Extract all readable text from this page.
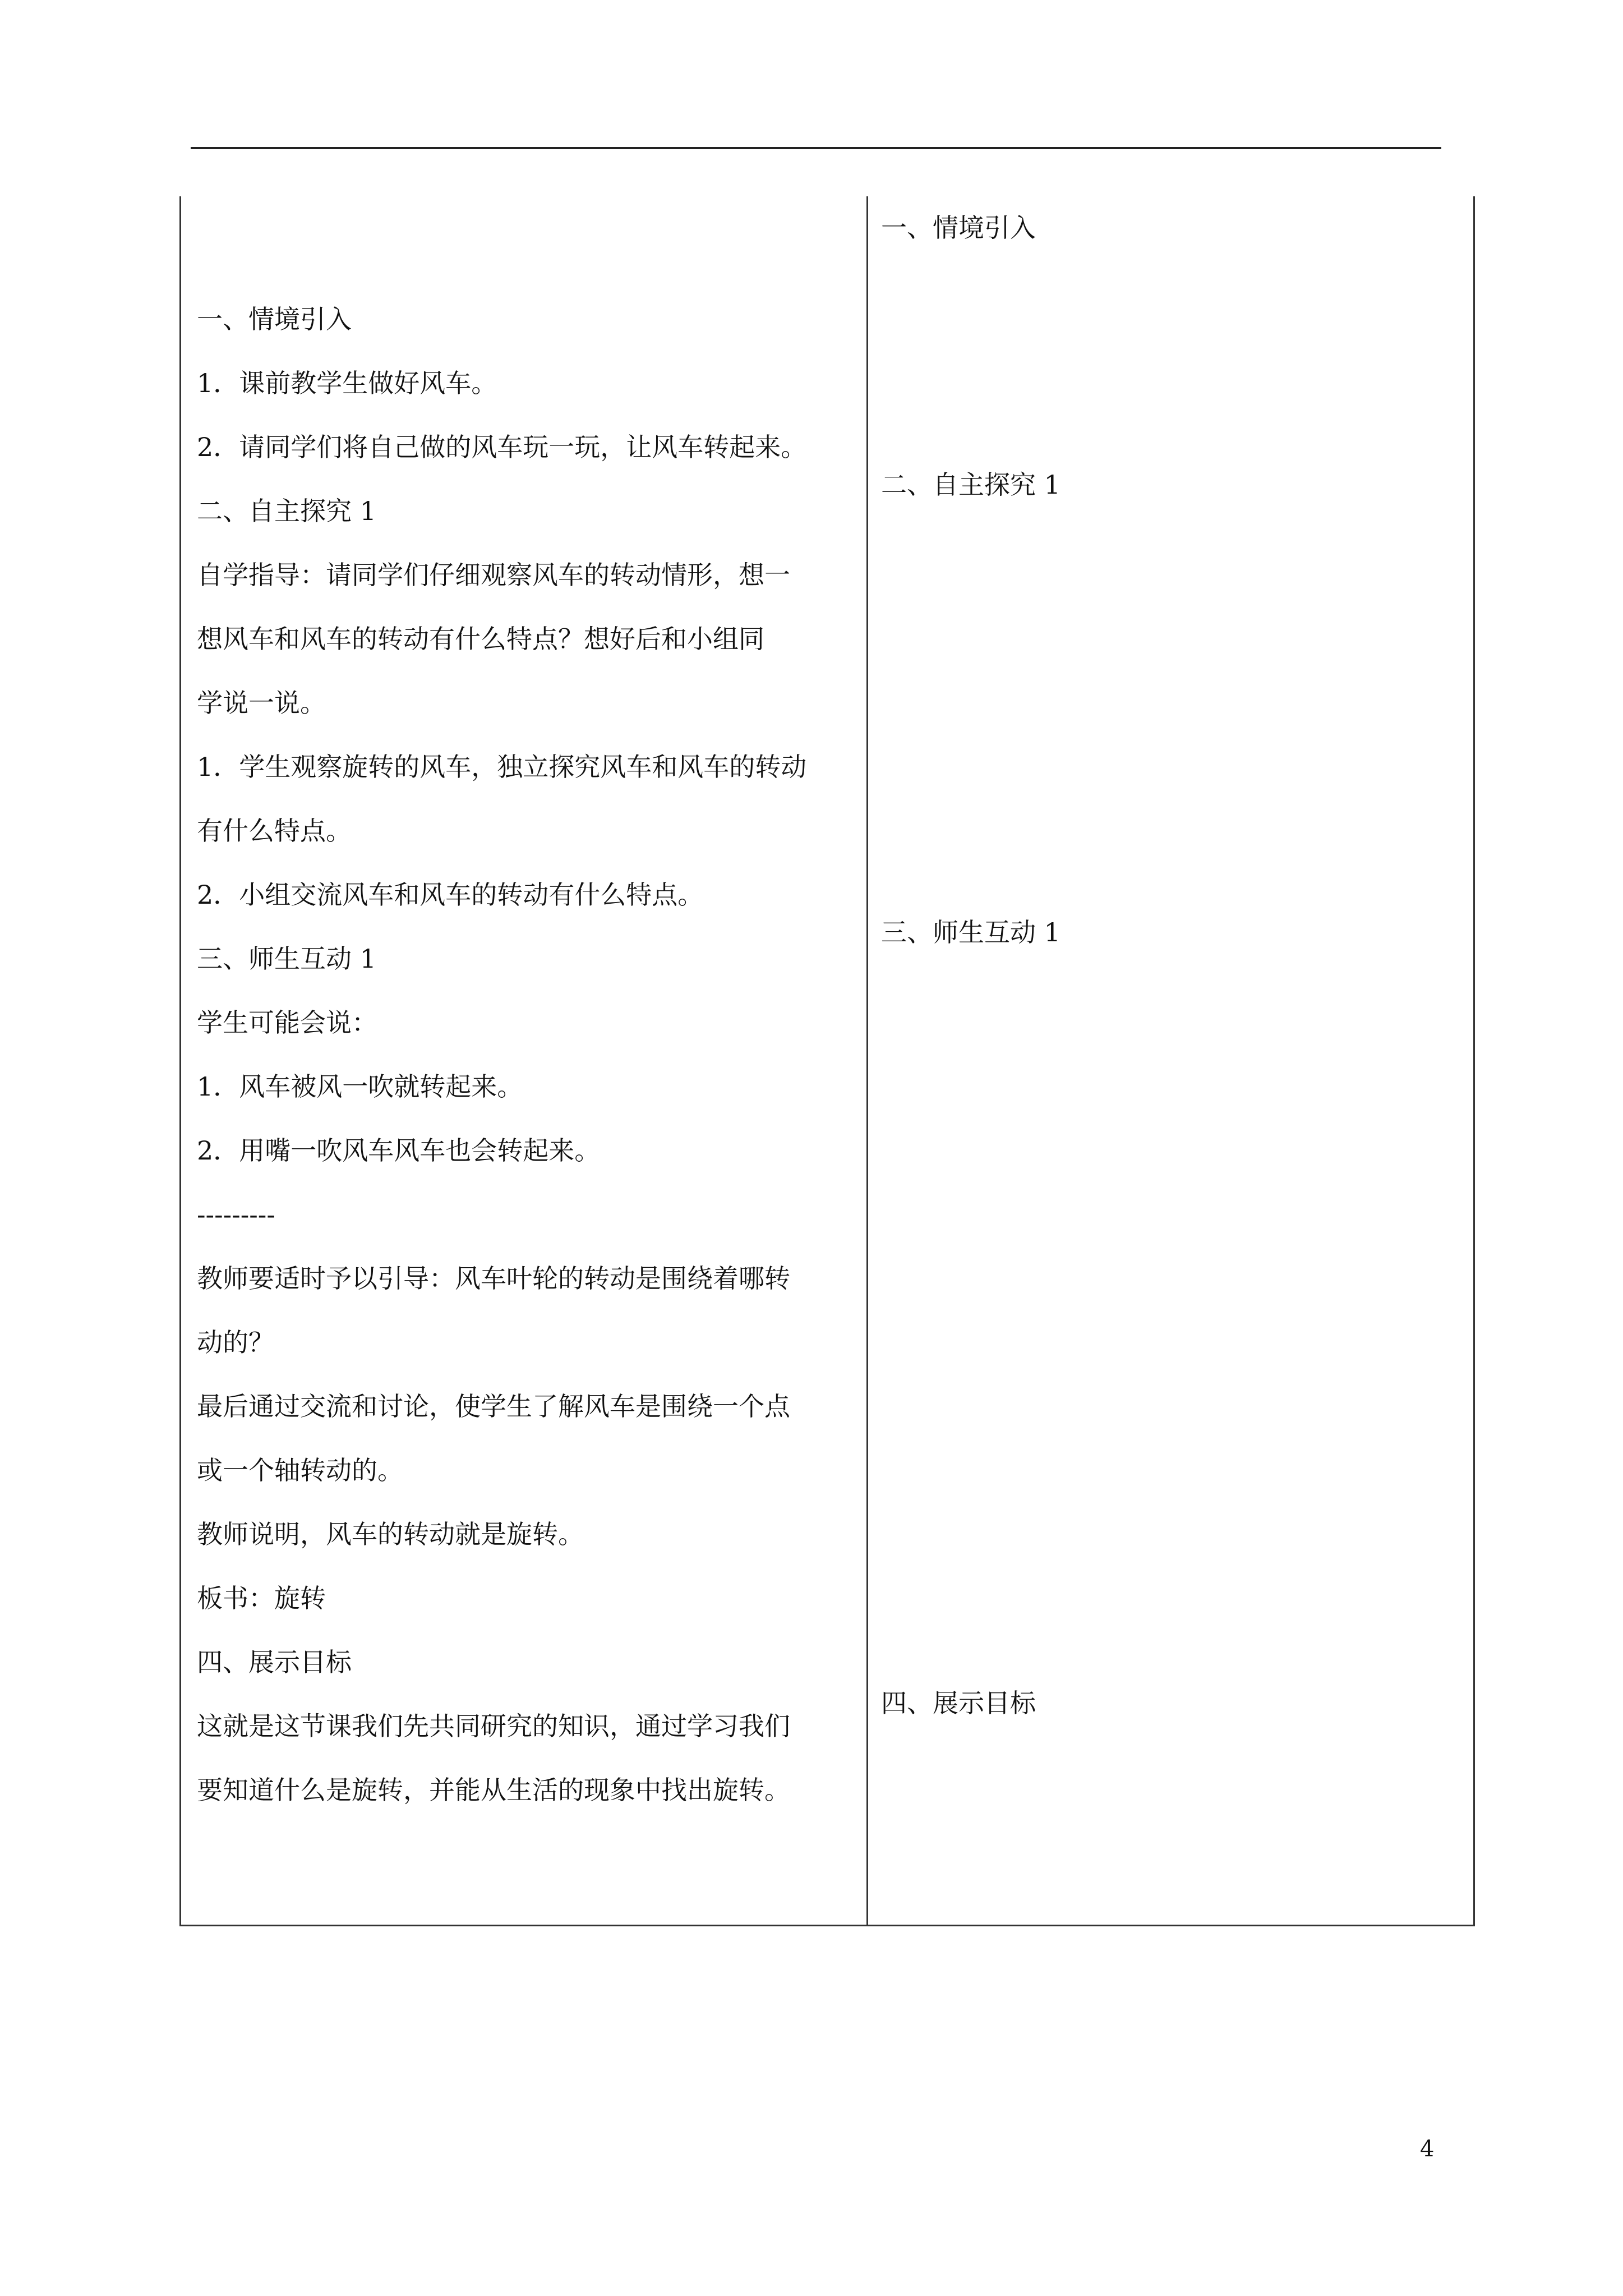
一、情境引入
1．课前教学生做好风车。
2．请同学们将自己做的风车玩一玩，让风车转起来。
二、自主探究 1
自学指导：请同学们仔细观察风车的转动情形，想一
想风车和风车的转动有什么特点？想好后和小组同
学说一说。
1．学生观察旋转的风车，独立探究风车和风车的转动
有什么特点。
2．小组交流风车和风车的转动有什么特点。
三、师生互动 1
学生可能会说：
1．风车被风一吹就转起来。
2．用嘴一吹风车风车也会转起来。
---------
教师要适时予以引导：风车叶轮的转动是围绕着哪转
动的？
最后通过交流和讨论，使学生了解风车是围绕一个点
或一个轴转动的。
教师说明，风车的转动就是旋转。
板书：旋转
四、展示目标
这就是这节课我们先共同研究的知识，通过学习我们
要知道什么是旋转，并能从生活的现象中找出旋转。
一、情境引入
二、自主探究 1
三、师生互动 1
四、展示目标
4
